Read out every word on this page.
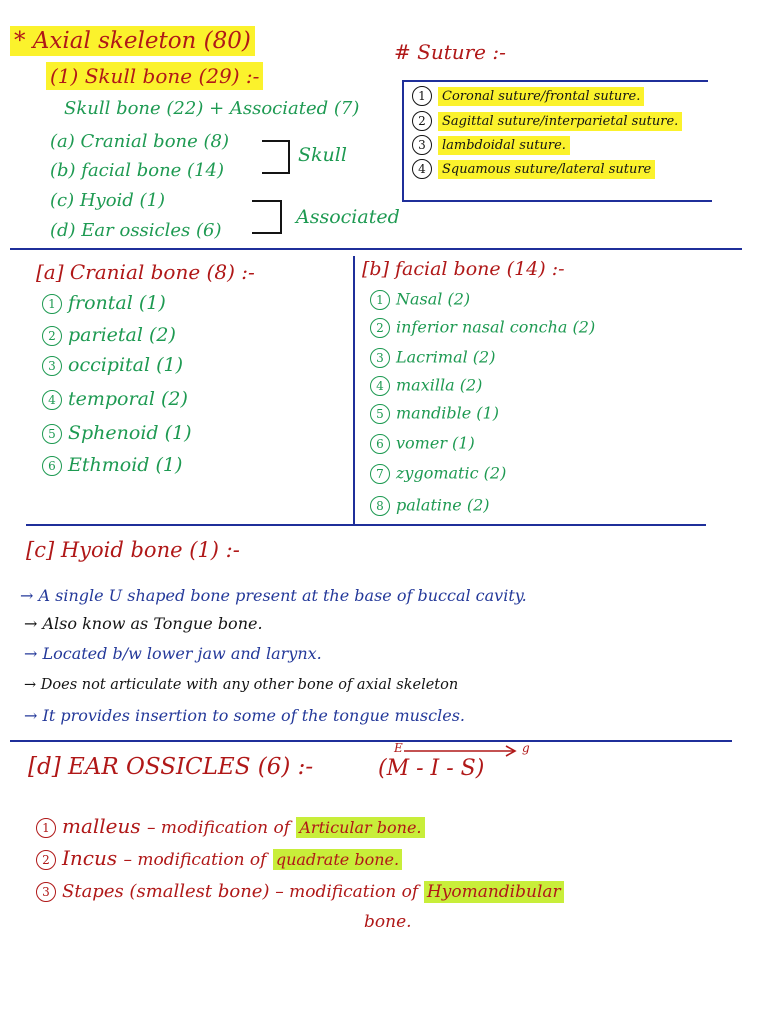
* Axial skeleton (80)
(1) Skull bone (29) :-
Skull bone (22) + Associated (7)
(a) Cranial bone (8)
(b) facial bone (14)
(c) Hyoid (1)
(d) Ear ossicles (6)
Skull
Associated
# Suture :-
1 Coronal suture/frontal suture.
2 Sagittal suture/interparietal suture.
3 lambdoidal suture.
4 Squamous suture/lateral suture
[a] Cranial bone (8) :-
1 frontal (1)
2 parietal (2)
3 occipital (1)
4 temporal (2)
5 Sphenoid (1)
6 Ethmoid (1)
[b] facial bone (14) :-
1 Nasal (2)
2 inferior nasal concha (2)
3 Lacrimal (2)
4 maxilla (2)
5 mandible (1)
6 vomer (1)
7 zygomatic (2)
8 palatine (2)
[c] Hyoid bone (1) :-
→ A single U shaped bone present at the base of buccal cavity.
→ Also know as Tongue bone.
→ Located b/w lower jaw and larynx.
→ Does not articulate with any other bone of axial skeleton
→ It provides insertion to some of the tongue muscles.
[d] EAR OSSICLES (6) :-
E	g
(M - I - S)
1 malleus – modification of Articular bone.
2 Incus – modification of quadrate bone.
3 Stapes (smallest bone) – modification of Hyomandibular
bone.
